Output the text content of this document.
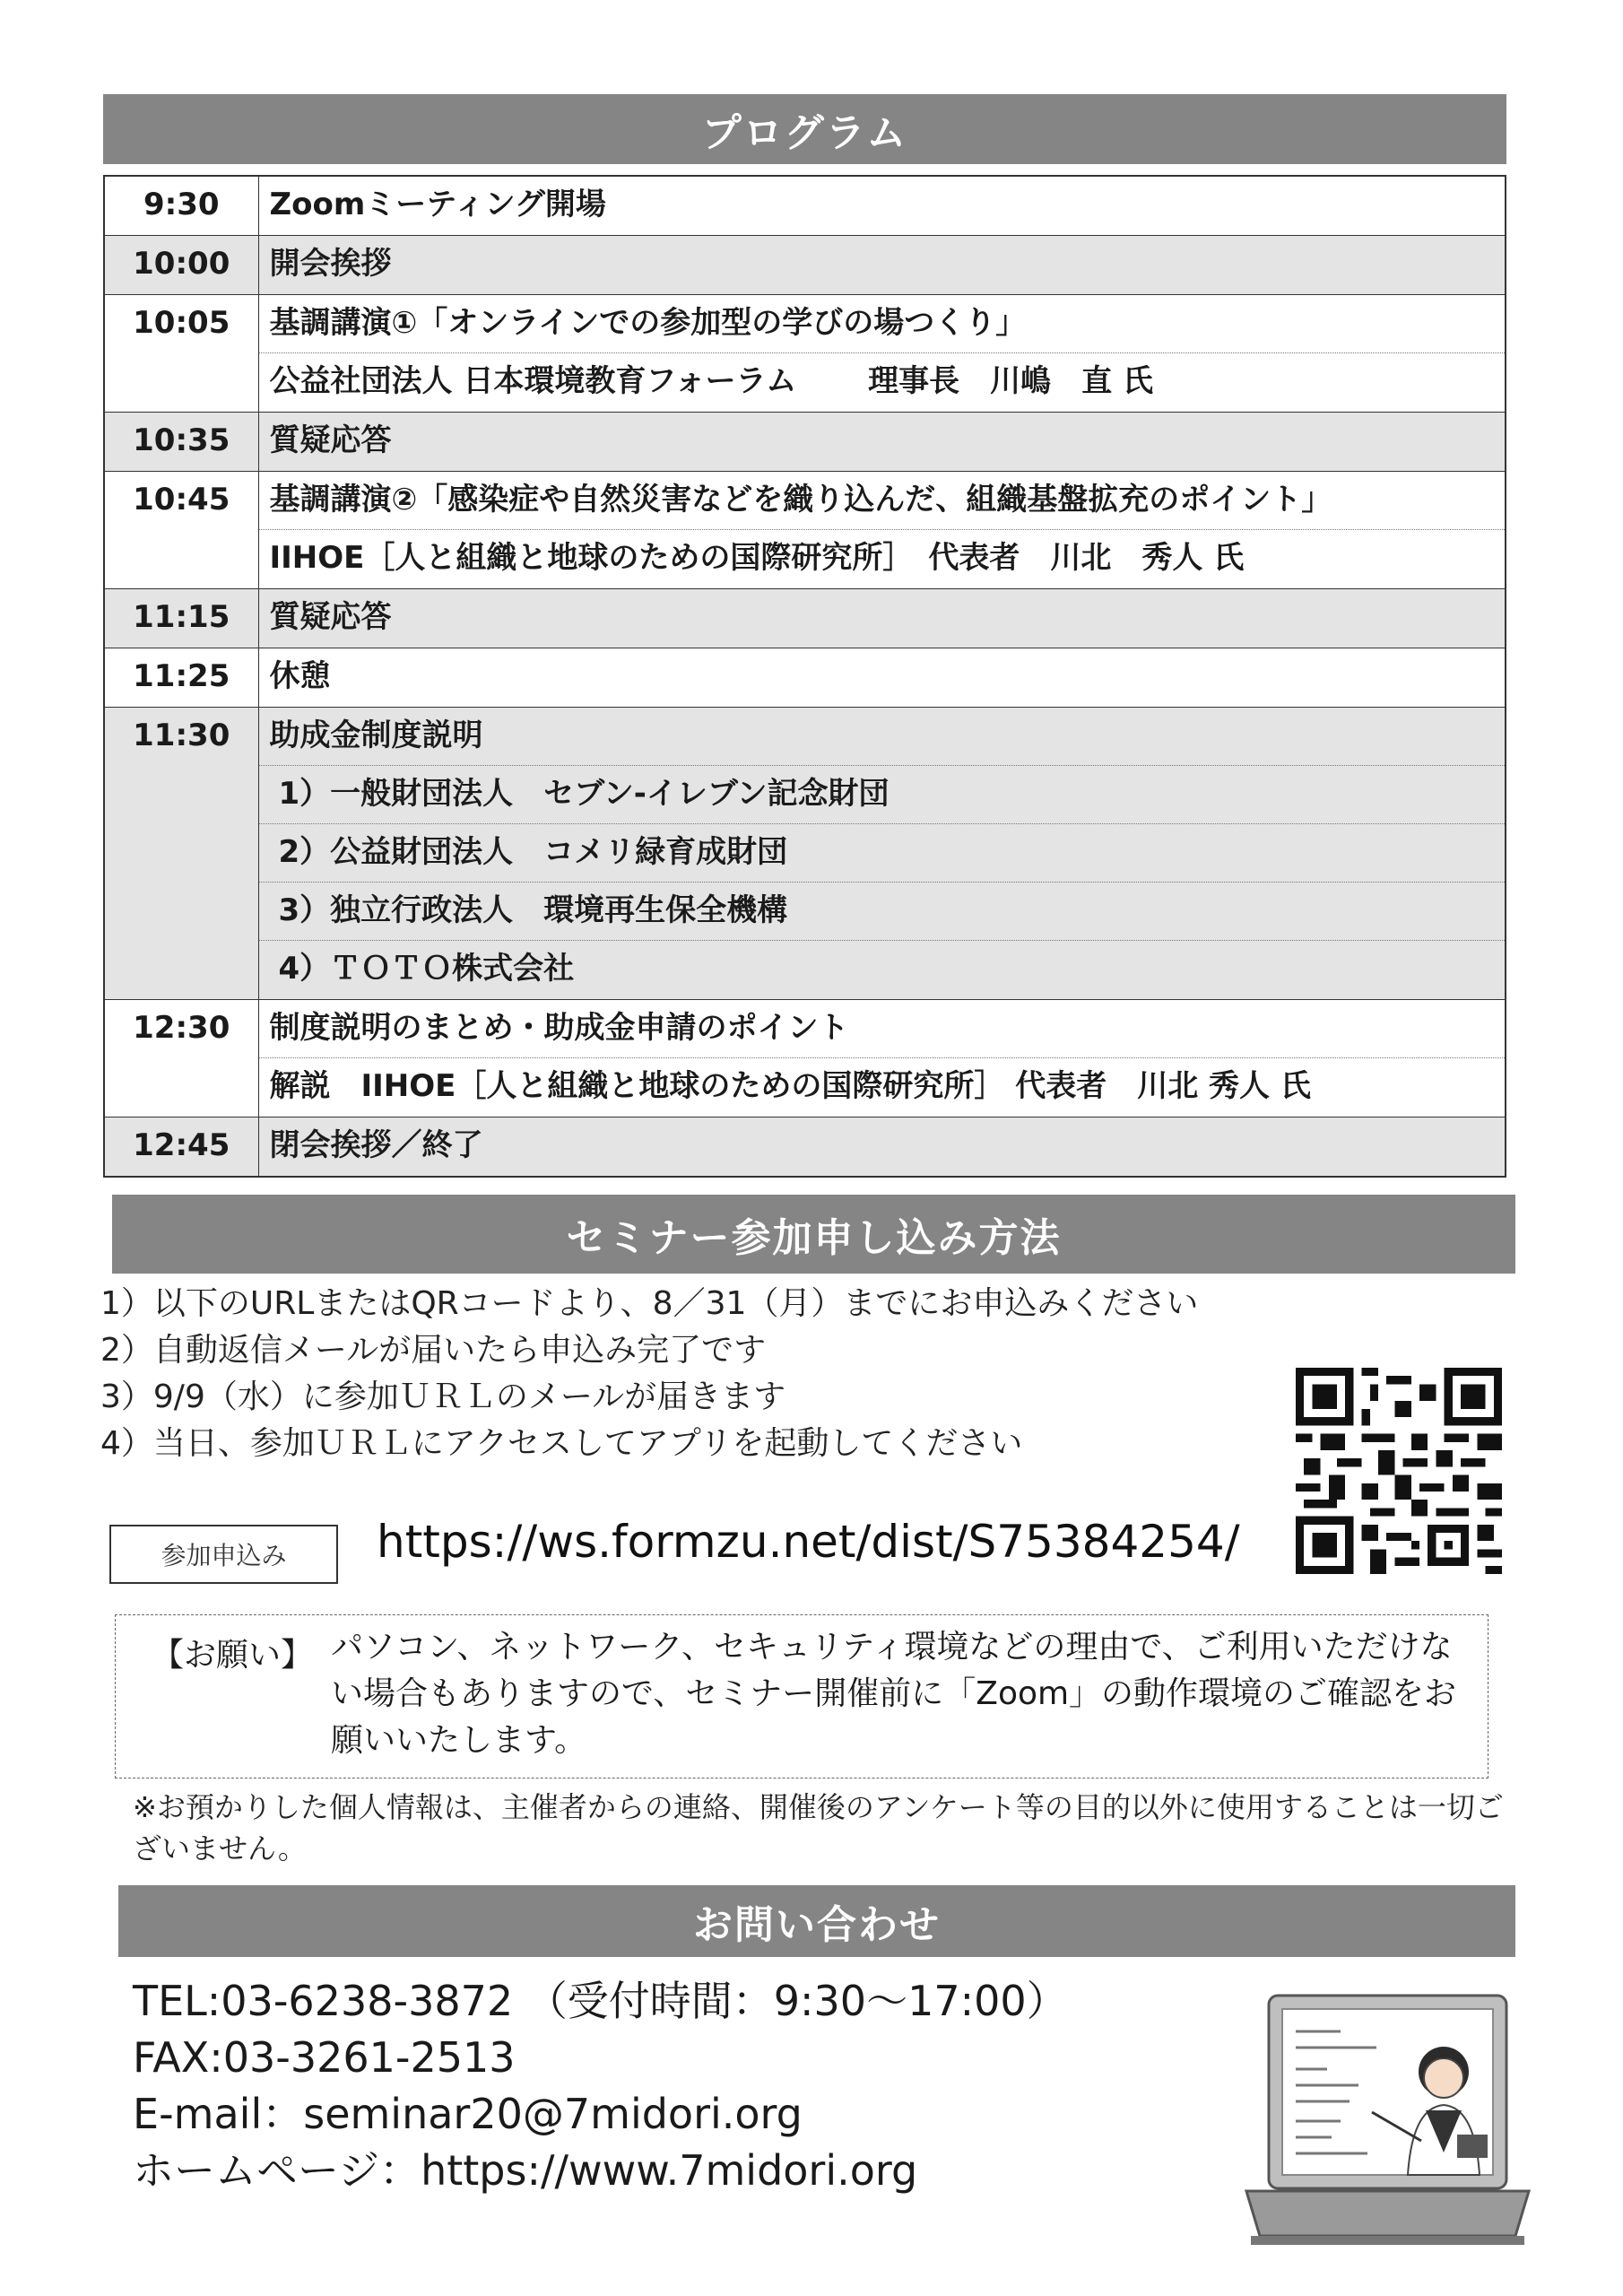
プログラム
9:30	Zoomミーティング開場

10:00	開会挨拶

10:05	基調講演①「オンラインでの参加型の学びの場つくり」
公益社団法人 日本環境教育フォーラム　　 理事長　川嶋　直 氏

10:35	質疑応答

10:45	基調講演②「感染症や自然災害などを織り込んだ、組織基盤拡充のポイント」
IIHOE［人と組織と地球のための国際研究所］　代表者　川北　秀人 氏

11:15	質疑応答

11:25	休憩

11:30	助成金制度説明
1）一般財団法人　セブン‐イレブン記念財団
2）公益財団法人　コメリ緑育成財団
3）独立行政法人　環境再生保全機構
4）ＴＯＴＯ株式会社

12:30	制度説明のまとめ・助成金申請のポイント
解説　IIHOE［人と組織と地球のための国際研究所］ 代表者　川北 秀人 氏

12:45	閉会挨拶／終了
セミナー参加申し込み方法
1）以下のURLまたはQRコードより、8／31（月）までにお申込みください
2）自動返信メールが届いたら申込み完了です
3）9/9（水）に参加ＵＲＬのメールが届きます
4）当日、参加ＵＲＬにアクセスしてアプリを起動してください
参加申込み	https://ws.formzu.net/dist/S75384254/
【お願い】 パソコン、ネットワーク、セキュリティ環境などの理由で、ご利用いただけない場合もありますので、セミナー開催前に「Zoom」の動作環境のご確認をお願いいたします。
※お預かりした個人情報は、主催者からの連絡、開催後のアンケート等の目的以外に使用することは一切ございません。
お問い合わせ
TEL:03-6238-3872 （受付時間：9:30～17:00）
FAX:03-3261-2513
E-mail：seminar20@7midori.org
ホームページ：https://www.7midori.org
